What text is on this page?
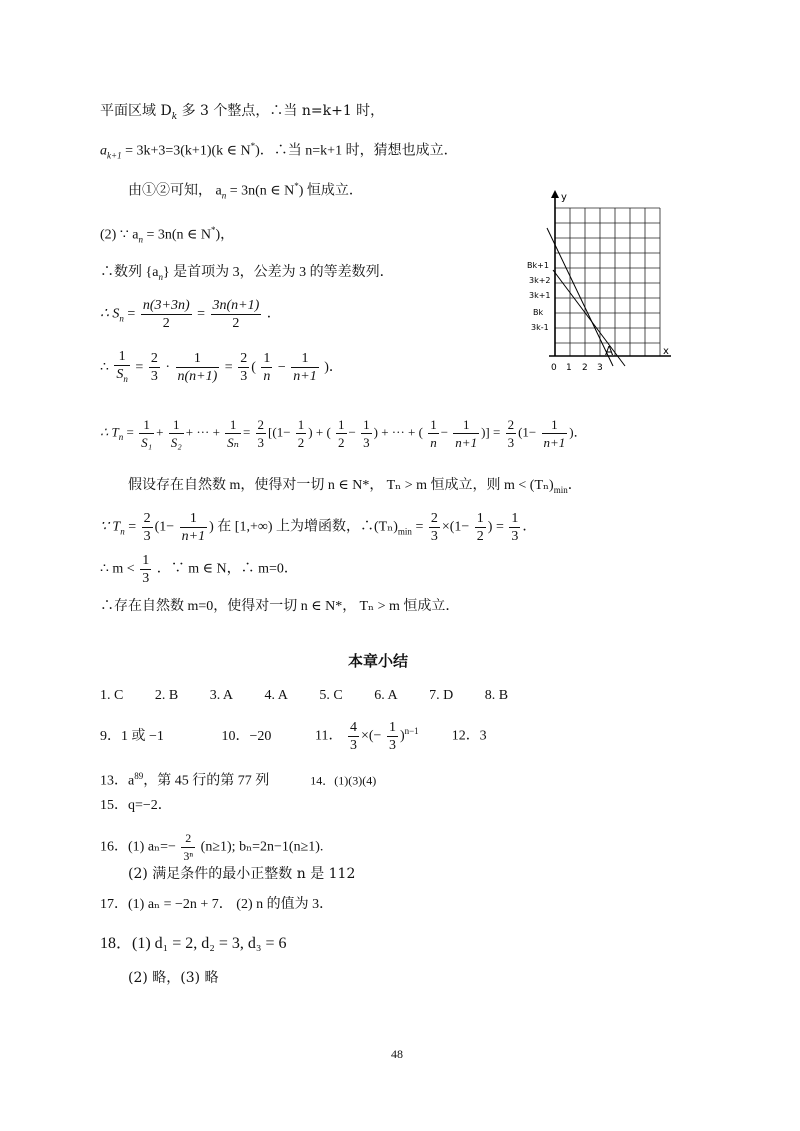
平面区域 $D_k$ 多 3 个整点，∴当 n=k+1 时，
$a_{k+1} = 3k+3=3(k+1)(k$ ∈ N*)．∴当 n=k+1 时，猜想也成立．
由①②可知， $a_n = 3n(n$ ∈ N*) 恒成立．
(2) ∵ $a_n = 3n(n$ ∈ N*)，
∴数列 $\{a_n\}$ 是首项为 3，公差为 3 的等差数列．
∴ $S_n = \frac{n(3+3n)}{2} = \frac{3n(n+1)}{2}$ ．
∴ $\frac{1}{S_n} = \frac{2}{3} \cdot \frac{1}{n(n+1)} = \frac{2}{3}$ ( $\frac{1}{n} - \frac{1}{n+1}$ )．
∴ $T_n = \frac{1}{\text{S₁}} + \frac{1}{\text{S₂}}$ + ··· + $\frac{1}{\text{Sₙ}} = \frac{2}{3} [(1- \frac{1}{2}$ ) + ( $\frac{1}{2} - \frac{1}{3}$ ) + ··· + ( $\frac{1}{n} - \frac{1}{n+1}$ )] = $\frac{2}{3} (1- \frac{1}{n+1}$ )．
假设存在自然数 m，使得对一切 n ∈ N*， Tₙ > m 恒成立，则 $m < (T_n)_{min}$．
∵ $T_n = \frac{2}{3} (1- \frac{1}{n+1}$ ) 在 [1,+∞) 上为增函数，$\therefore(T_n)_{min} = \frac{2}{3} \times(1- \frac{1}{2}$ ) = $\frac{1}{3}$ ．
∴ $m < \frac{1}{3}$ ．∵ m ∈ N，∴ m=0．
∴存在自然数 m=0，使得对一切 n ∈ N*， Tₙ > m 恒成立．
y
x
A
Bk+1
3k+2
3k+1
Bk
3k-1
0 1 2 3
本章小结
1. C 2. B 3. A 4. A 5. C 6. A 7. D 8. B
9．1 或 −1	10．−20	11． $\frac{4}{3}$ ×(− $\frac{1}{3} )^{n-1}$ 12．3
13．$a^{89}$，第 45 行的第 77 列	14．(1)(3)(4)
15．q=−2．
16．(1) $a_n=- \frac{2}{\text{3ⁿ}} (n\ge 1)$; bₙ=2n−1(n≥1).
(2) 满足条件的最小正整数 n 是 112
17．(1) aₙ = −2n + 7． (2) n 的值为 3．
18．(1) d₁ = 2, d₂ = 3, d₃ = 6
(2) 略，(3) 略
48
